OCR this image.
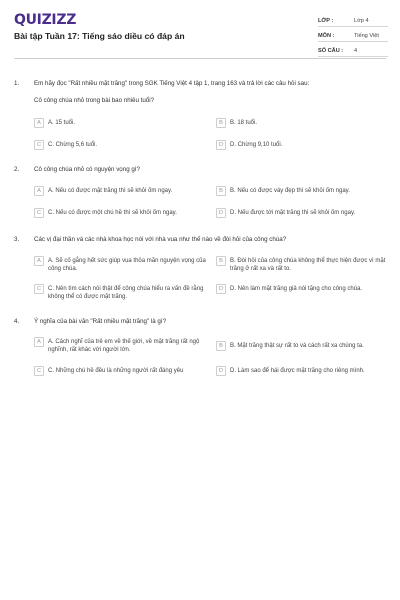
QUIZIZZ
Bài tập Tuần 17: Tiếng sáo diều có đáp án
LỚP :	Lớp 4
MÔN :	Tiếng Việt
SỐ CÂU :	4
1. Em hãy đọc "Rất nhiều mặt trăng" trong SGK Tiếng Việt 4 tập 1, trang 163 và trả lời các câu hỏi sau:
Cô công chúa nhỏ trong bài bao nhiêu tuổi?
A	A. 15 tuổi.	B	B. 18 tuổi.
C	C. Chừng 5,6 tuổi.	D	D. Chừng 9,10 tuổi.
2. Cô công chúa nhỏ có nguyện vọng gì?
A	A. Nếu có được mặt trăng thì sẽ khỏi ốm ngay.	B	B. Nếu có được váy đẹp thì sẽ khỏi ốm ngay.
C	C. Nếu có được một chú hề thì sẽ khỏi ốm ngay.	D	D. Nếu được tới mặt trăng thì sẽ khỏi ốm ngay.
3. Các vị đại thần và các nhà khoa học nói với nhà vua như thế nào về đòi hỏi của công chúa?
A	A. Sẽ cố gắng hết sức giúp vua thỏa mãn nguyện vọng của công chúa.
B	B. Đòi hỏi của công chúa không thể thực hiện được vì mặt trăng ở rất xa và rất to.
C	C. Nên tìm cách nói thật để công chúa hiểu ra vấn đề rằng không thể có được mặt trăng.
D	D. Nên làm mặt trăng giả nói tặng cho công chúa.
4. Ý nghĩa của bài văn "Rất nhiều mặt trăng" là gì?
A	A. Cách nghĩ của trẻ em về thế giới, về mặt trăng rất ngộ nghĩnh, rất khác với người lớn.
B	B. Mặt trăng thật sự rất to và cách rất xa chúng ta.
C	C. Những chú hề đều là những người rất đáng yêu	D	D. Làm sao để hái được mặt trăng cho riêng mình.
